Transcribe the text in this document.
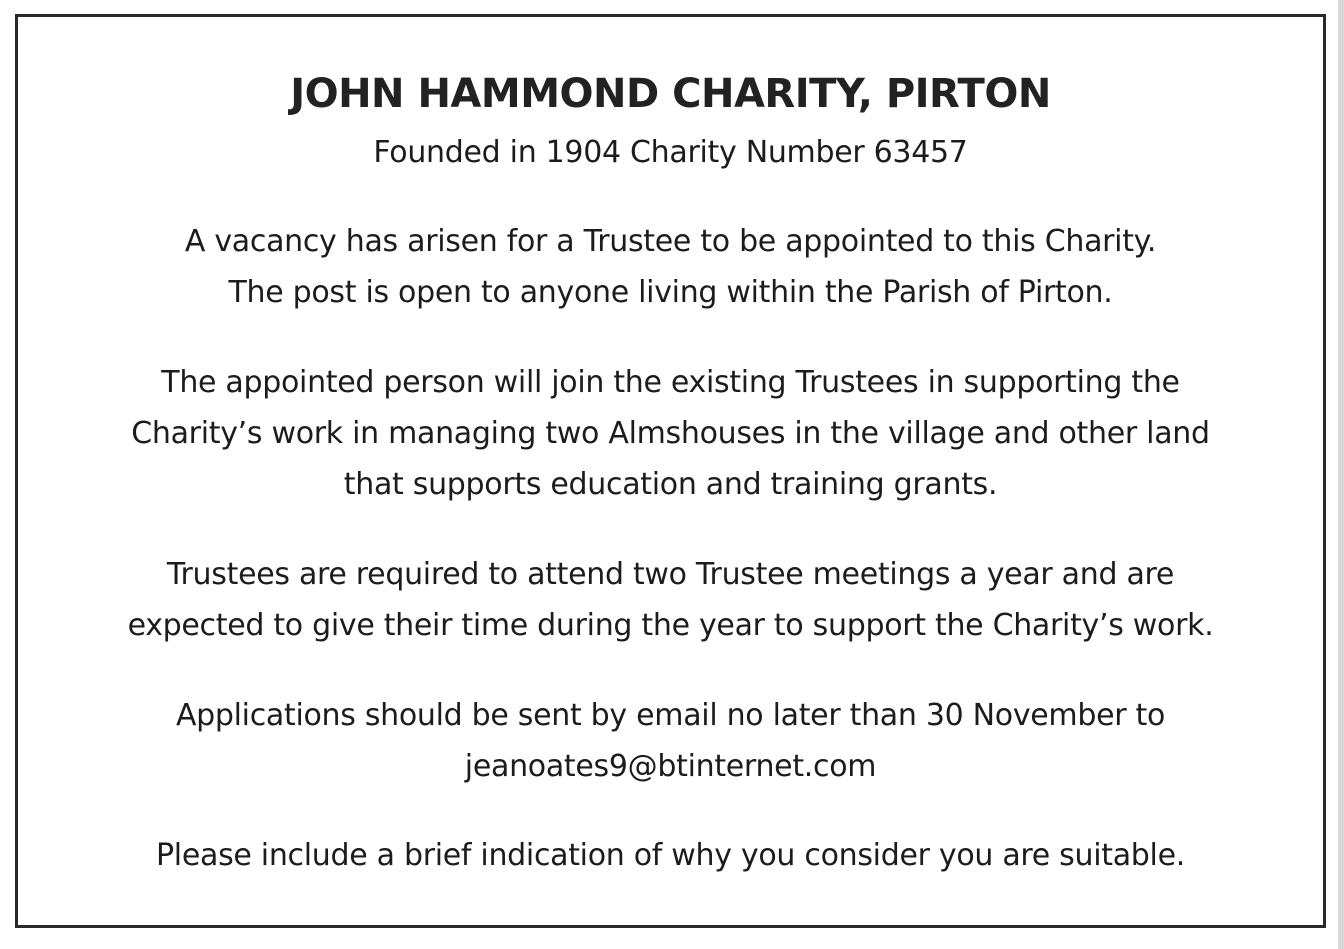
JOHN HAMMOND CHARITY, PIRTON
Founded in 1904 Charity Number 63457
A vacancy has arisen for a Trustee to be appointed to this Charity.
The post is open to anyone living within the Parish of Pirton.
The appointed person will join the existing Trustees in supporting the
Charity’s work in managing two Almshouses in the village and other land
that supports education and training grants.
Trustees are required to attend two Trustee meetings a year and are
expected to give their time during the year to support the Charity’s work.
Applications should be sent by email no later than 30 November to
jeanoates9@btinternet.com
Please include a brief indication of why you consider you are suitable.
